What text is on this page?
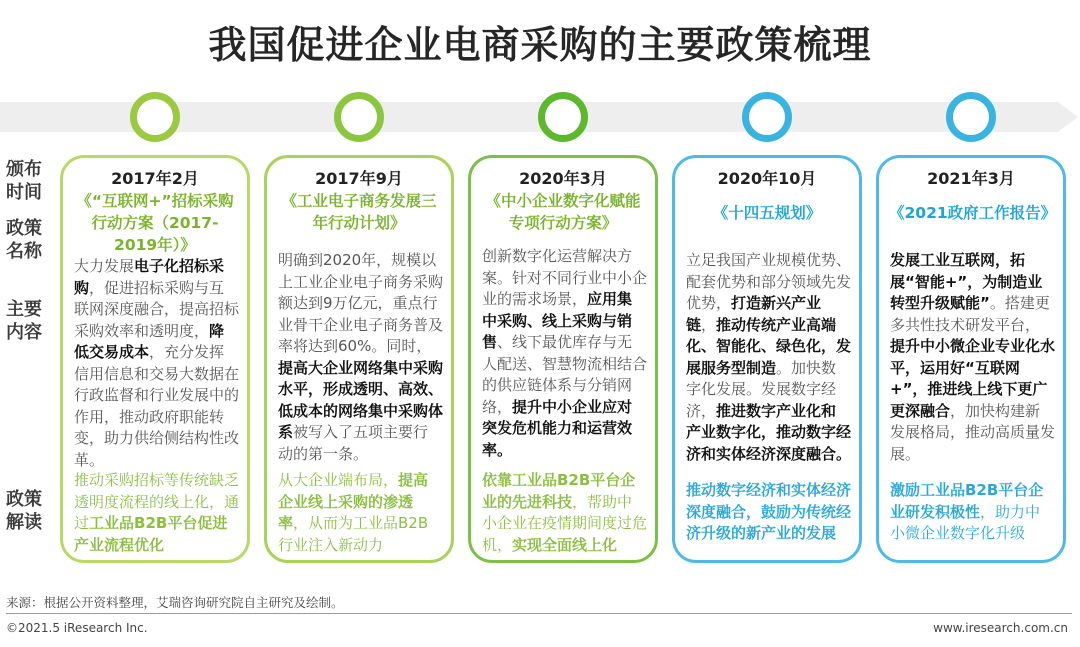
我国促进企业电商采购的主要政策梳理
颁布
时间
政策
名称
主要
内容
政策
解读
2017年2月
《“互联网+”招标采购行动方案（2017-2019年）》
大力发展电子化招标采购，促进招标采购与互联网深度融合，提高招标采购效率和透明度，降低交易成本，充分发挥信用信息和交易大数据在行政监督和行业发展中的作用，推动政府职能转变，助力供给侧结构性改革。
推动采购招标等传统缺乏透明度流程的线上化，通过工业品B2B平台促进产业流程优化
2017年9月
《工业电子商务发展三年行动计划》
明确到2020年，规模以上工业企业电子商务采购额达到9万亿元，重点行业骨干企业电子商务普及率将达到60%。同时，提高大企业网络集中采购水平，形成透明、高效、低成本的网络集中采购体系被写入了五项主要行动的第一条。
从大企业端布局，提高企业线上采购的渗透率，从而为工业品B2B行业注入新动力
2020年3月
《中小企业数字化赋能专项行动方案》
创新数字化运营解决方案。针对不同行业中小企业的需求场景，应用集中采购、线上采购与销售、线下最优库存与无人配送、智慧物流相结合的供应链体系与分销网络，提升中小企业应对突发危机能力和运营效率。
依靠工业品B2B平台企业的先进科技，帮助中小企业在疫情期间度过危机，实现全面线上化
2020年10月
《十四五规划》
立足我国产业规模优势、配套优势和部分领域先发优势，打造新兴产业链，推动传统产业高端化、智能化、绿色化，发展服务型制造。加快数字化发展。发展数字经济，推进数字产业化和产业数字化，推动数字经济和实体经济深度融合。
推动数字经济和实体经济深度融合，鼓励为传统经济升级的新产业的发展
2021年3月
《2021政府工作报告》
发展工业互联网，拓展“智能+”，为制造业转型升级赋能”。搭建更多共性技术研发平台，提升中小微企业专业化水平，运用好“互联网+”，推进线上线下更广更深融合，加快构建新发展格局，推动高质量发展。
激励工业品B2B平台企业研发积极性，助力中小微企业数字化升级
来源：根据公开资料整理，艾瑞咨询研究院自主研究及绘制。
©2021.5 iResearch Inc.	www.iresearch.com.cn
